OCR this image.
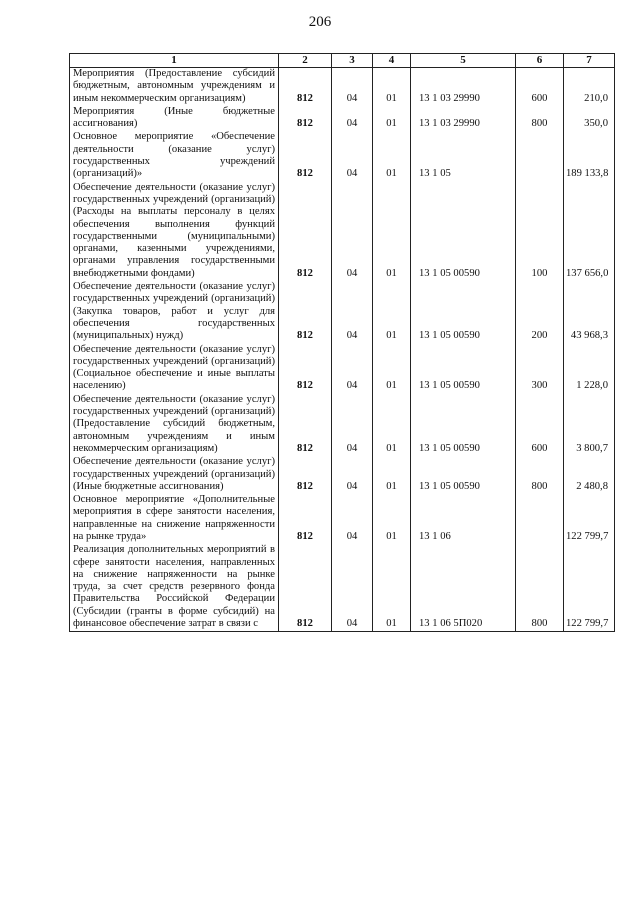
206
1	2	3	4	5	6	7
Мероприятия (Предоставление субсидий бюджетным, автономным учреждениям и иным некоммерческим организациям)	812	04	01	13 1 03 29990	600	210,0
Мероприятия (Иные бюджетные ассигнования)	812	04	01	13 1 03 29990	800	350,0
Основное мероприятие «Обеспечение деятельности (оказание услуг) государственных учреждений (организаций)»	812	04	01	13 1 05		189 133,8
Обеспечение деятельности (оказание услуг) государственных учреждений (организаций) (Расходы на выплаты персоналу в целях обеспечения выполнения функций государственными (муниципальными) органами, казенными учреждениями, органами управления государственными внебюджетными фондами)	812	04	01	13 1 05 00590	100	137 656,0
Обеспечение деятельности (оказание услуг) государственных учреждений (организаций) (Закупка товаров, работ и услуг для обеспечения государственных (муниципальных) нужд)	812	04	01	13 1 05 00590	200	43 968,3
Обеспечение деятельности (оказание услуг) государственных учреждений (организаций) (Социальное обеспечение и иные выплаты населению)	812	04	01	13 1 05 00590	300	1 228,0
Обеспечение деятельности (оказание услуг) государственных учреждений (организаций) (Предоставление субсидий бюджетным, автономным учреждениям и иным некоммерческим организациям)	812	04	01	13 1 05 00590	600	3 800,7
Обеспечение деятельности (оказание услуг) государственных учреждений (организаций) (Иные бюджетные ассигнования)	812	04	01	13 1 05 00590	800	2 480,8
Основное мероприятие «Дополнительные мероприятия в сфере занятости населения, направленные на снижение напряженности на рынке труда»	812	04	01	13 1 06		122 799,7
Реализация дополнительных мероприятий в сфере занятости населения, направленных на снижение напряженности на рынке труда, за счет средств резервного фонда Правительства Российской Федерации (Субсидии (гранты в форме субсидий) на финансовое обеспечение затрат в связи с	812	04	01	13 1 06 5П020	800	122 799,7
